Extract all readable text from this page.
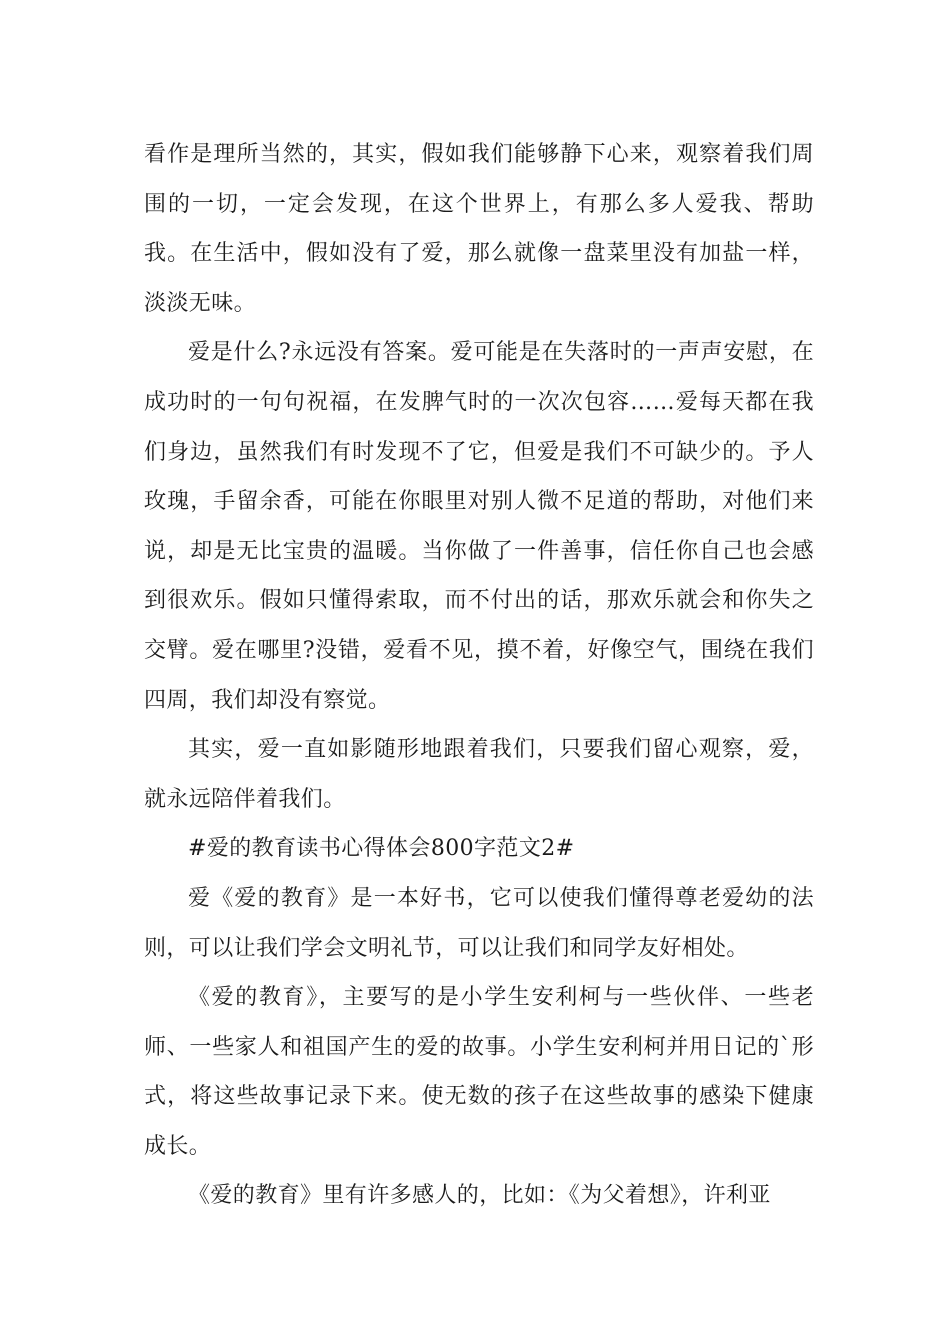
看作是理所当然的，其实，假如我们能够静下心来，观察着我们周围的一切，一定会发现，在这个世界上，有那么多人爱我、帮助我。在生活中，假如没有了爱，那么就像一盘菜里没有加盐一样，淡淡无味。

爱是什么?永远没有答案。爱可能是在失落时的一声声安慰，在成功时的一句句祝福，在发脾气时的一次次包容……爱每天都在我们身边，虽然我们有时发现不了它，但爱是我们不可缺少的。予人玫瑰，手留余香，可能在你眼里对别人微不足道的帮助，对他们来说，却是无比宝贵的温暖。当你做了一件善事，信任你自己也会感到很欢乐。假如只懂得索取，而不付出的话，那欢乐就会和你失之交臂。爱在哪里?没错，爱看不见，摸不着，好像空气，围绕在我们四周，我们却没有察觉。

其实，爱一直如影随形地跟着我们，只要我们留心观察，爱，就永远陪伴着我们。

#爱的教育读书心得体会800字范文2#

爱《爱的教育》是一本好书，它可以使我们懂得尊老爱幼的法则，可以让我们学会文明礼节，可以让我们和同学友好相处。

《爱的教育》，主要写的是小学生安利柯与一些伙伴、一些老师、一些家人和祖国产生的爱的故事。小学生安利柯并用日记的`形式，将这些故事记录下来。使无数的孩子在这些故事的感染下健康成长。

《爱的教育》里有许多感人的，比如：《为父着想》，许利亚
